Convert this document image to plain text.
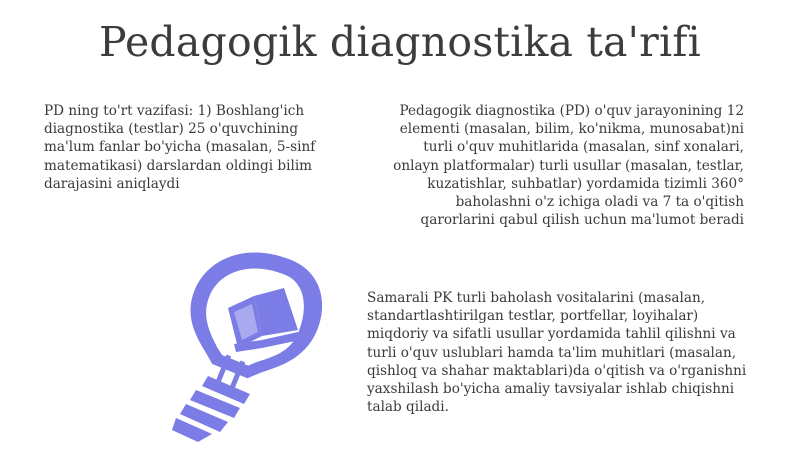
Pedagogik diagnostika ta'rifi
PD ning to'rt vazifasi: 1) Boshlang'ich diagnostika (testlar) 25 o'quvchining ma'lum fanlar bo'yicha (masalan, 5-sinf matematikasi) darslardan oldingi bilim darajasini aniqlaydi
Pedagogik diagnostika (PD) o'quv jarayonining 12 elementi (masalan, bilim, ko'nikma, munosabat)ni turli o'quv muhitlarida (masalan, sinf xonalari, onlayn platformalar) turli usullar (masalan, testlar, kuzatishlar, suhbatlar) yordamida tizimli 360° baholashni o'z ichiga oladi va 7 ta o'qitish qarorlarini qabul qilish uchun ma'lumot beradi
Samarali PK turli baholash vositalarini (masalan, standartlashtirilgan testlar, portfellar, loyihalar) miqdoriy va sifatli usullar yordamida tahlil qilishni va turli o'quv uslublari hamda ta'lim muhitlari (masalan, qishloq va shahar maktablari)da o'qitish va o'rganishni yaxshilash bo'yicha amaliy tavsiyalar ishlab chiqishni talab qiladi.
